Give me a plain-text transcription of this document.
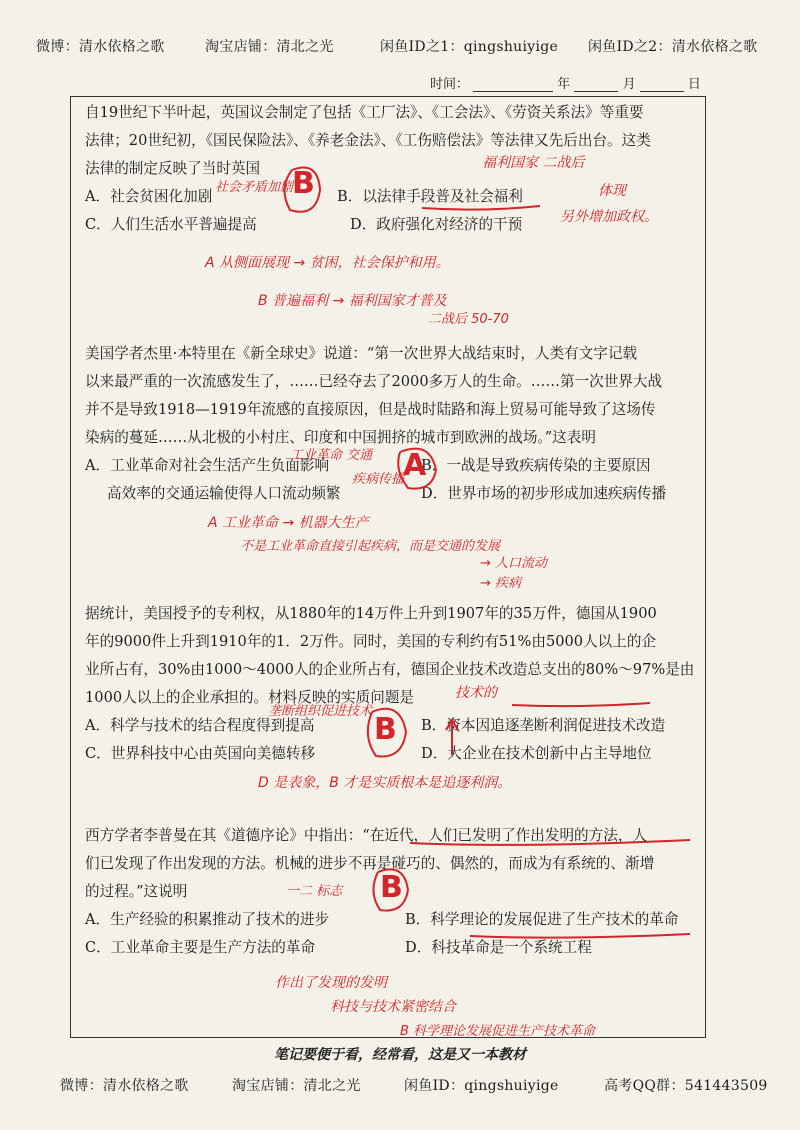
微博：清水依格之歌	淘宝店铺：清北之光	闲鱼ID之1：qingshuiyige 闲鱼ID之2：清水依格之歌
时间：	年	月	日

自19世纪下半叶起，英国议会制定了包括《工厂法》、《工会法》、《劳资关系法》等重要

法律；20世纪初，《国民保险法》、《养老金法》、《工伤赔偿法》等法律又先后出台。这类

法律的制定反映了当时英国

A．社会贫困化加剧	B．以法律手段普及社会福利
C．人们生活水平普遍提高	D．政府强化对经济的干预

美国学者杰里·本特里在《新全球史》说道：“第一次世界大战结束时，人类有文字记载

以来最严重的一次流感发生了，……已经夺去了2000多万人的生命。……第一次世界大战

并不是导致1918—1919年流感的直接原因，但是战时陆路和海上贸易可能导致了这场传

染病的蔓延……从北极的小村庄、印度和中国拥挤的城市到欧洲的战场。”这表明

A．工业革命对社会生活产生负面影响	B．一战是导致疾病传染的主要原因
高效率的交通运输使得人口流动频繁	D．世界市场的初步形成加速疾病传播

据统计，美国授予的专利权，从1880年的14万件上升到1907年的35万件，德国从1900

年的9000件上升到1910年的1．2万件。同时，美国的专利约有51%由5000人以上的企

业所占有，30%由1000～4000人的企业所占有，德国企业技术改造总支出的80%～97%是由

1000人以上的企业承担的。材料反映的实质问题是

A．科学与技术的结合程度得到提高	B．资本因追逐垄断利润促进技术改造
C．世界科技中心由英国向美德转移	D．大企业在技术创新中占主导地位

西方学者李普曼在其《道德序论》中指出：“在近代，人们已发明了作出发明的方法，人

们已发现了作出发现的方法。机械的进步不再是碰巧的、偶然的，而成为有系统的、渐增

的过程。”这说明

A．生产经验的积累推动了技术的进步	B．科学理论的发展促进了生产技术的革命
C．工业革命主要是生产方法的革命	D．科技革命是一个系统工程
B
社会矛盾加剧
福利国家 二战后
体现
另外增加政权。
A 从侧面展现 → 贫困，社会保护和用。
B 普遍福利 → 福利国家才普及
二战后 50-70
A
工业革命 交通
疾病传播
A 工业革命 → 机器大生产
不是工业革命直接引起疾病，而是交通的发展
→ 人口流动
→ 疾病
B
技术的
垄断组织促进技术
D 是表象，B 才是实质根本是追逐利润。
B
一二 标志
作出了发现的发明
科技与技术紧密结合
B 科学理论发展促进生产技术革命
笔记要便于看，经常看，这是又一本教材
微博：清水依格之歌	淘宝店铺：清北之光	闲鱼ID：qingshuiyige	高考QQ群：541443509
